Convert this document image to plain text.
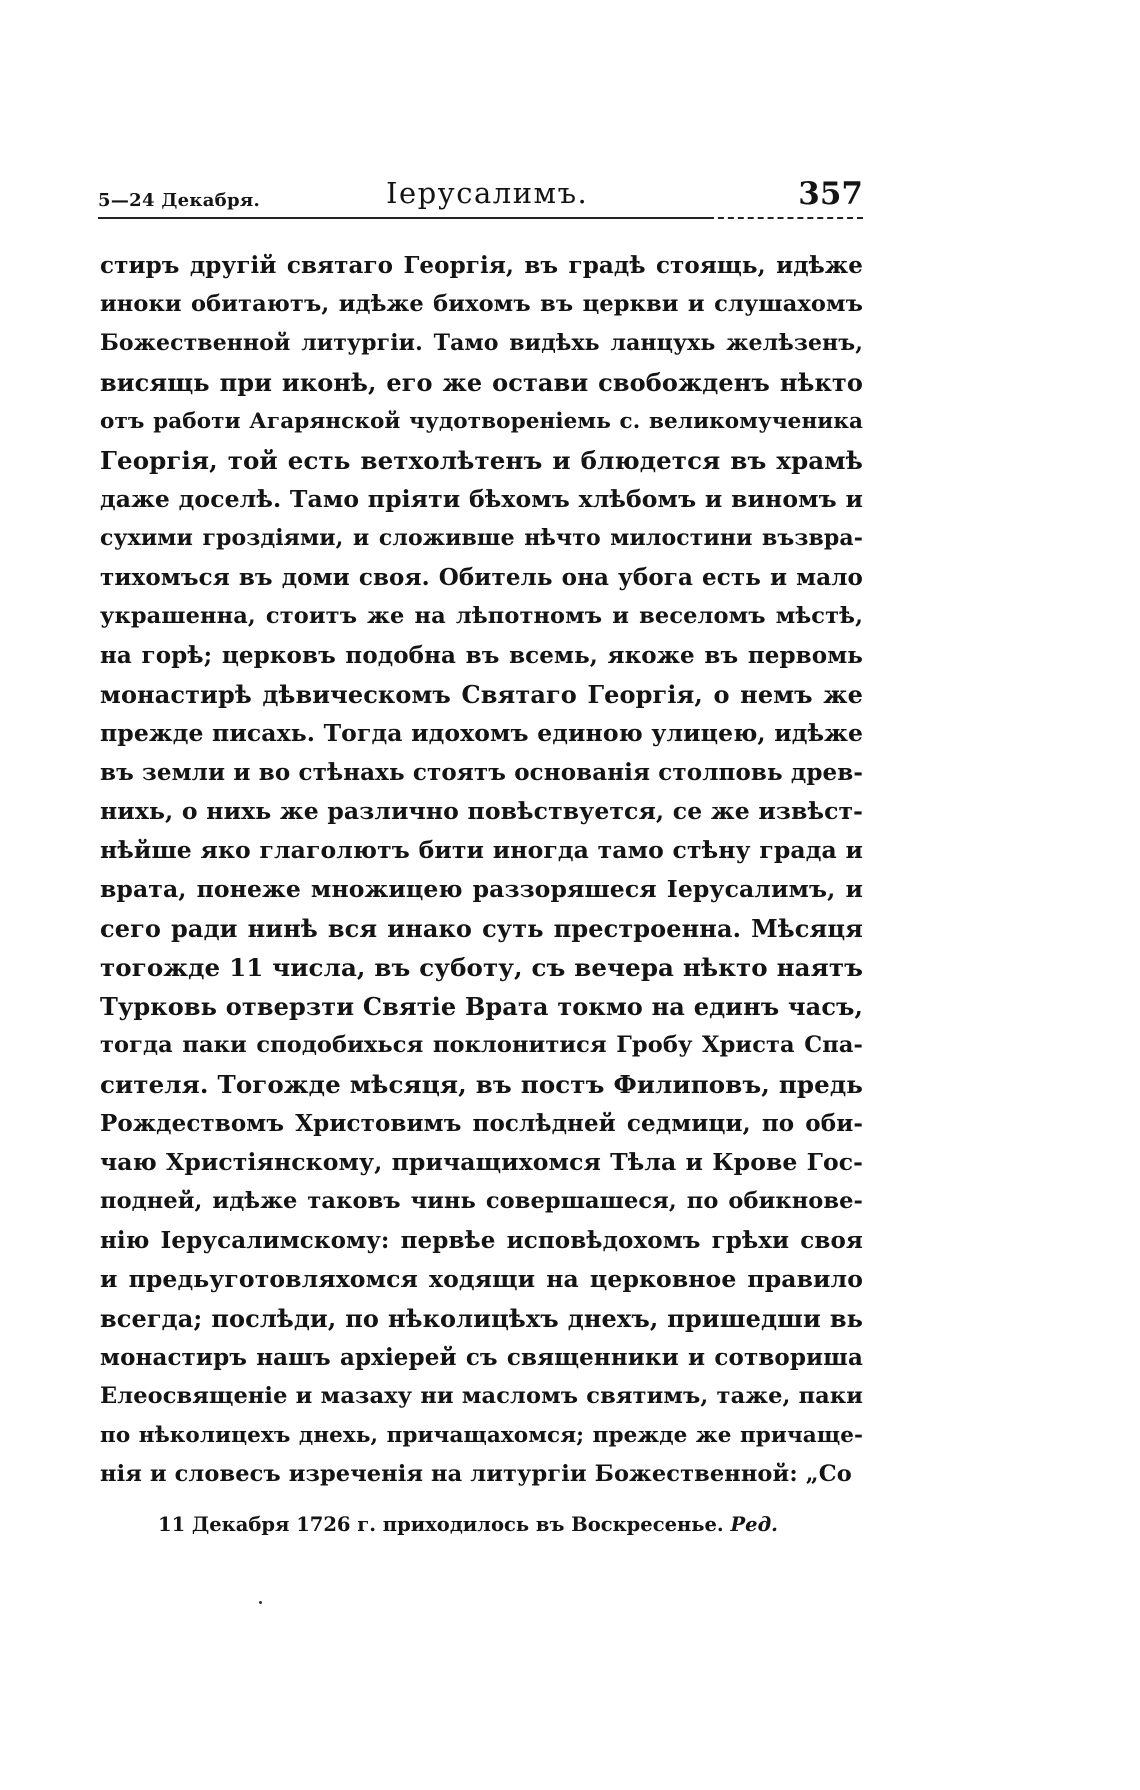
5—24 Декабря.	Іерусалимъ.	357
стиръ другій святаго Георгія, въ градѣ стоящь, идѣже
иноки обитаютъ, идѣже бихомъ въ церкви и слушахомъ
Божественной литургіи. Тамо видѣхь ланцухь желѣзенъ,
висящь при иконѣ, его же остави свобожденъ нѣкто
отъ работи Агарянской чудотвореніемь с. великомученика
Георгія, той есть ветхолѣтенъ и блюдется въ храмѣ
даже доселѣ. Тамо пріяти бѣхомъ хлѣбомъ и виномъ и
сухими гроздіями, и сложивше нѣчто милостини възвра-
тихомъся въ доми своя. Обитель она убога есть и мало
украшенна, стоитъ же на лѣпотномъ и веселомъ мѣстѣ,
на горѣ; церковъ подобна въ всемь, якоже въ первомь
монастирѣ дѣвическомъ Святаго Георгія, о немъ же
прежде писахь. Тогда идохомъ единою улицею, идѣже
въ земли и во стѣнахь стоятъ основанія столповь древ-
нихь, о нихь же различно повѣствуется, се же извѣст-
нѣйше яко глаголютъ бити иногда тамо стѣну града и
врата, понеже множицею раззоряшеся Іерусалимъ, и
сего ради нинѣ вся инако суть престроенна. Мѣсяця
тогожде 11 числа, въ суботу, съ вечера нѣкто наятъ
Турковь отверзти Святіе Врата токмо на единъ часъ,
тогда паки сподобихься поклонитися Гробу Христа Спа-
сителя. Тогожде мѣсяця, въ постъ Филиповъ, предь
Рождествомъ Христовимъ послѣдней седмици, по оби-
чаю Христіянскому, причащихомся Тѣла и Крове Гос-
подней, идѣже таковъ чинь совершашеся, по обикнове-
нію Іерусалимскому: первѣе исповѣдохомъ грѣхи своя
и предьуготовляхомся ходящи на церковное правило
всегда; послѣди, по нѣколицѣхъ днехъ, пришедши вь
монастиръ нашъ архіерей съ священники и сотвориша
Елеосвященіе и мазаху ни масломъ святимъ, таже, паки
по нѣколицехъ днехь, причащахомся; прежде же причаще-
нія и словесъ изреченія на литургіи Божественной: „Со
11 Декабря 1726 г. приходилось въ Воскресенье. Ред.
